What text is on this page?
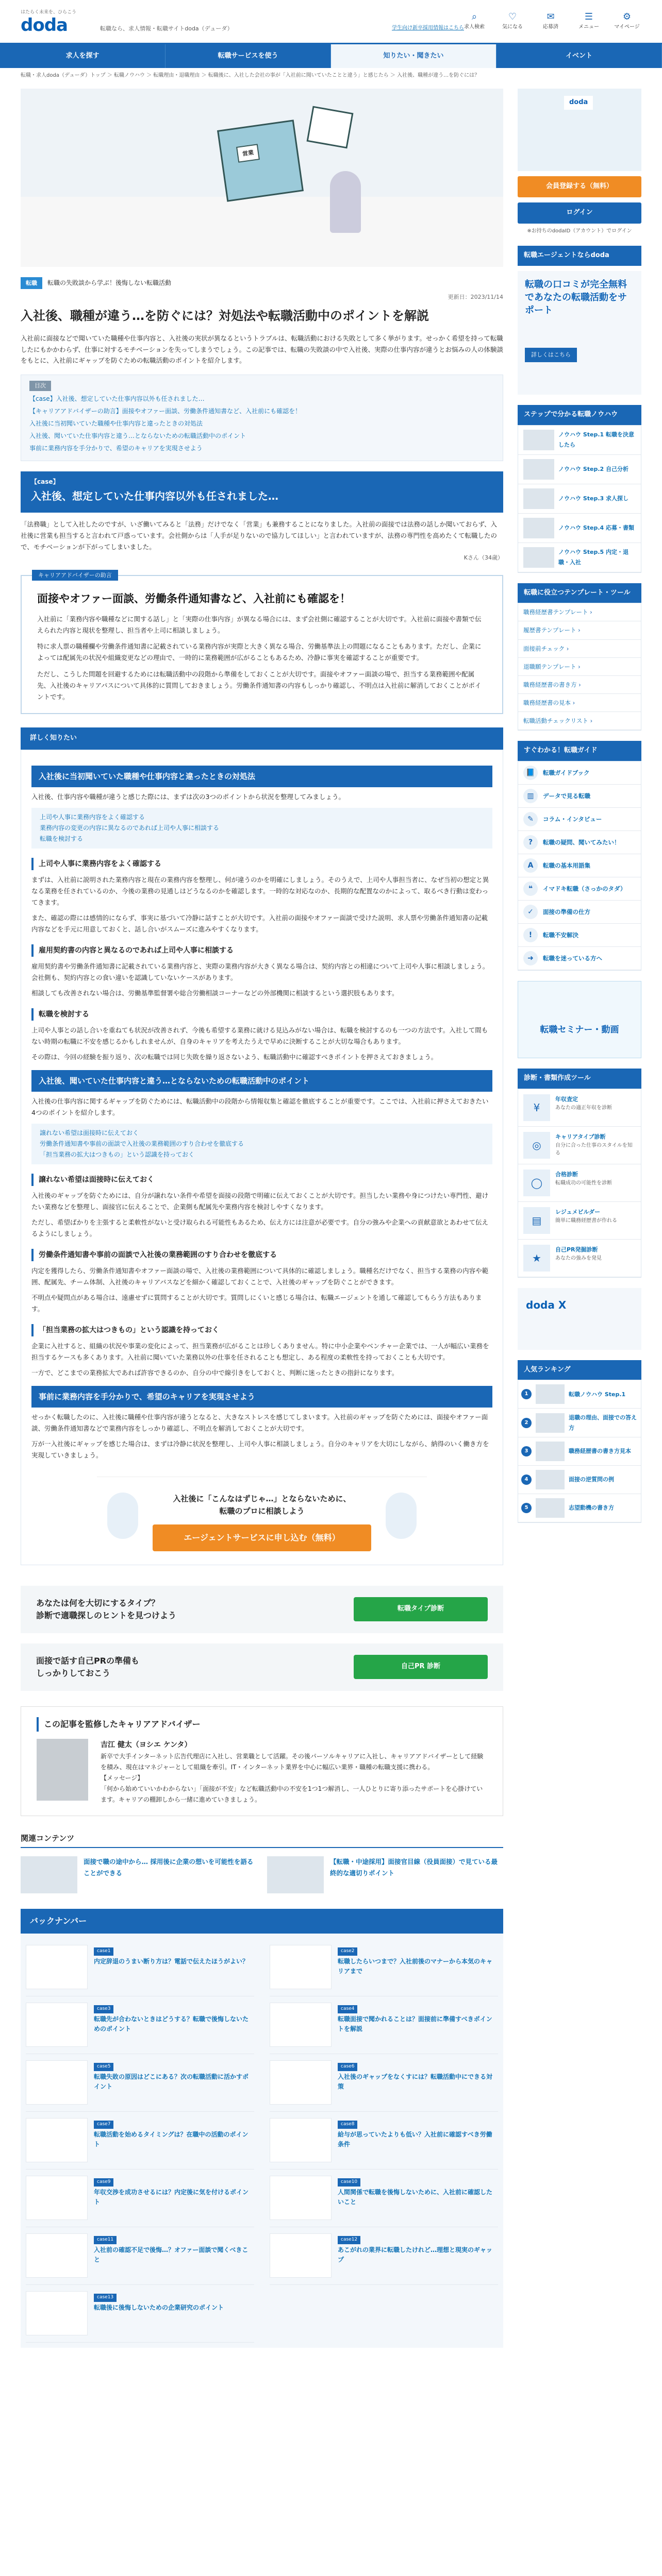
はたらく未来を、ひらこう
doda	転職なら、求人情報・転職サイトdoda（デューダ）	学生向け新卒採用情報はこちら
⌕
求人検索
♡
気になる
✉
応募済
☰
メニュー
⚙
マイページ
求人を探す	転職サービスを使う	知りたい・聞きたい	イベント
転職・求人doda（デューダ）トップ ＞ 転職ノウハウ ＞ 転職理由・退職理由 ＞ 転職後に、入社した会社の事が「入社前に聞いていたことと違う」と感じたら ＞ 入社後、職種が違う…を防ぐには？
営業
転職	転職の失敗談から学ぶ！後悔しない転職活動
更新日：2023/11/14
入社後、職種が違う…を防ぐには？対処法や転職活動中のポイントを解説

入社前に面接などで聞いていた職種や仕事内容と、入社後の実状が異なるというトラブルは、転職活動における失敗として多く挙がります。せっかく希望を持って転職したにもかかわらず、仕事に対するモチベーションを失ってしまうでしょう。この記事では、転職の失敗談の中で入社後、実際の仕事内容が違うとお悩みの人の体験談をもとに、入社前にギャップを防ぐための転職活動のポイントを紹介します。

目次
【case】入社後、想定していた仕事内容以外も任されました…
【キャリアアドバイザーの助言】面接やオファー面談、労働条件通知書など、入社前にも確認を！
入社後に当初聞いていた職種や仕事内容と違ったときの対処法
入社後、聞いていた仕事内容と違う…とならないための転職活動中のポイント
事前に業務内容を手分かりで、希望のキャリアを実現させよう
【case】
入社後、想定していた仕事内容以外も任されました…

「法務職」として入社したのですが、いざ働いてみると「法務」だけでなく「営業」も兼務することになりました。入社前の面接では法務の話しか聞いておらず、入社後に営業も担当すると言われて戸惑っています。会社側からは「人手が足りないので協力してほしい」と言われていますが、法務の専門性を高めたくて転職したので、モチベーションが下がってしまいました。

Kさん（34歳）

キャリアアドバイザーの助言
面接やオファー面談、労働条件通知書など、入社前にも確認を！

入社前に「業務内容や職種などに関する話し」と「実際の仕事内容」が異なる場合には、まず会社側に確認することが大切です。入社前に面接や書類で伝えられた内容と現状を整理し、担当者や上司に相談しましょう。

特に求人票の職種欄や労働条件通知書に記載されている業務内容が実際と大きく異なる場合、労働基準法上の問題になることもあります。ただし、企業によっては配属先の状況や組織変更などの理由で、一時的に業務範囲が広がることもあるため、冷静に事実を確認することが重要です。

ただし、こうした問題を回避するためには転職活動中の段階から準備をしておくことが大切です。面接やオファー面談の場で、担当する業務範囲や配属先、入社後のキャリアパスについて具体的に質問しておきましょう。労働条件通知書の内容もしっかり確認し、不明点は入社前に解消しておくことがポイントです。

詳しく知りたい
入社後に当初聞いていた職種や仕事内容と違ったときの対処法

入社後、仕事内容や職種が違うと感じた際には、まずは次の3つのポイントから状況を整理してみましょう。

上司や人事に業務内容をよく確認する
業務内容の変更の内容に異なるのであれば上司や人事に相談する
転職を検討する
上司や人事に業務内容をよく確認する

まずは、入社前に説明された業務内容と現在の業務内容を整理し、何が違うのかを明確にしましょう。そのうえで、上司や人事担当者に、なぜ当初の想定と異なる業務を任されているのか、今後の業務の見通しはどうなるのかを確認します。一時的な対応なのか、長期的な配置なのかによって、取るべき行動は変わってきます。

また、確認の際には感情的にならず、事実に基づいて冷静に話すことが大切です。入社前の面接やオファー面談で受けた説明、求人票や労働条件通知書の記載内容などを手元に用意しておくと、話し合いがスムーズに進みやすくなります。

雇用契約書の内容と異なるのであれば上司や人事に相談する

雇用契約書や労働条件通知書に記載されている業務内容と、実際の業務内容が大きく異なる場合は、契約内容との相違について上司や人事に相談しましょう。会社側も、契約内容との食い違いを認識していないケースがあります。

相談しても改善されない場合は、労働基準監督署や総合労働相談コーナーなどの外部機関に相談するという選択肢もあります。

転職を検討する

上司や人事との話し合いを重ねても状況が改善されず、今後も希望する業務に就ける見込みがない場合は、転職を検討するのも一つの方法です。入社して間もない時期の転職に不安を感じるかもしれませんが、自身のキャリアを考えたうえで早めに決断することが大切な場合もあります。

その際は、今回の経験を振り返り、次の転職では同じ失敗を繰り返さないよう、転職活動中に確認すべきポイントを押さえておきましょう。

入社後、聞いていた仕事内容と違う…とならないための転職活動中のポイント

入社後の仕事内容に関するギャップを防ぐためには、転職活動中の段階から情報収集と確認を徹底することが重要です。ここでは、入社前に押さえておきたい4つのポイントを紹介します。

譲れない希望は面接時に伝えておく
労働条件通知書や事前の面談で入社後の業務範囲のすり合わせを徹底する
「担当業務の拡大はつきもの」という認識を持っておく
譲れない希望は面接時に伝えておく

入社後のギャップを防ぐためには、自分が譲れない条件や希望を面接の段階で明確に伝えておくことが大切です。担当したい業務や身につけたい専門性、避けたい業務などを整理し、面接官に伝えることで、企業側も配属先や業務内容を検討しやすくなります。

ただし、希望ばかりを主張すると柔軟性がないと受け取られる可能性もあるため、伝え方には注意が必要です。自分の強みや企業への貢献意欲とあわせて伝えるようにしましょう。

労働条件通知書や事前の面談で入社後の業務範囲のすり合わせを徹底する

内定を獲得したら、労働条件通知書やオファー面談の場で、入社後の業務範囲について具体的に確認しましょう。職種名だけでなく、担当する業務の内容や範囲、配属先、チーム体制、入社後のキャリアパスなどを細かく確認しておくことで、入社後のギャップを防ぐことができます。

不明点や疑問点がある場合は、遠慮せずに質問することが大切です。質問しにくいと感じる場合は、転職エージェントを通して確認してもらう方法もあります。

「担当業務の拡大はつきもの」という認識を持っておく

企業に入社すると、組織の状況や事業の変化によって、担当業務が広がることは珍しくありません。特に中小企業やベンチャー企業では、一人が幅広い業務を担当するケースも多くあります。入社前に聞いていた業務以外の仕事を任されることも想定し、ある程度の柔軟性を持っておくことも大切です。

一方で、どこまでの業務拡大であれば許容できるのか、自分の中で線引きをしておくと、判断に迷ったときの指針になります。

事前に業務内容を手分かりで、希望のキャリアを実現させよう

せっかく転職したのに、入社後に職種や仕事内容が違うとなると、大きなストレスを感じてしまいます。入社前のギャップを防ぐためには、面接やオファー面談、労働条件通知書などで業務内容をしっかり確認し、不明点を解消しておくことが大切です。

万が一入社後にギャップを感じた場合は、まずは冷静に状況を整理し、上司や人事に相談しましょう。自分のキャリアを大切にしながら、納得のいく働き方を実現していきましょう。

入社後に「こんなはずじゃ…」とならないために、
転職のプロに相談しよう
エージェントサービスに申し込む（無料）
あなたは何を大切にするタイプ？
診断で適職探しのヒントを見つけよう
転職タイプ診断
面接で話す自己PRの準備も
しっかりしておこう
自己PR 診断
この記事を監修したキャリアアドバイザー
吉江 健太（ヨシエ ケンタ）

新卒で大手インターネット広告代理店に入社し、営業職として活躍。その後パーソルキャリアに入社し、キャリアアドバイザーとして経験を積み、現在はマネジャーとして組織を牽引。IT・インターネット業界を中心に幅広い業界・職種の転職支援に携わる。

【メッセージ】

「何から始めていいかわからない」「面接が不安」など転職活動中の不安を1つ1つ解消し、一人ひとりに寄り添ったサポートを心掛けています。キャリアの棚卸しから一緒に進めていきましょう。

関連コンテンツ
面接で職の途中から… 採用後に企業の想いを可能性を語ることができる
【転職・中途採用】面接官目線（役員面接）で見ている最終的な適切りポイント
バックナンバー
case1
内定辞退のうまい断り方は？電話で伝えたほうがよい？
case2
転職したらいつまで？入社前後のマナーから本気のキャリアまで
case3
転職先が合わないときはどうする？転職で後悔しないためのポイント
case4
転職面接で聞かれることは？面接前に準備すべきポイントを解説
case5
転職失敗の原因はどこにある？次の転職活動に活かすポイント
case6
入社後のギャップをなくすには？転職活動中にできる対策
case7
転職活動を始めるタイミングは？在職中の活動のポイント
case8
給与が思っていたよりも低い？入社前に確認すべき労働条件
case9
年収交渉を成功させるには？内定後に気を付けるポイント
case10
人間関係で転職を後悔しないために、入社前に確認したいこと
case11
入社前の確認不足で後悔…？オファー面談で聞くべきこと
case12
あこがれの業界に転職したけれど…理想と現実のギャップ
case13
転職後に後悔しないための企業研究のポイント
doda
会員登録する（無料）
ログイン
※お持ちのdodaID（アカウント）でログイン
転職エージェントならdoda
転職の口コミが完全無料であなたの転職活動をサポート
詳しくはこちら
ステップで分かる転職ノウハウ
ノウハウ Step.1 転職を決意したら
ノウハウ Step.2 自己分析
ノウハウ Step.3 求人探し
ノウハウ Step.4 応募・書類
ノウハウ Step.5 内定・退職・入社
転職に役立つテンプレート・ツール
職務経歴書テンプレート ›
履歴書テンプレート ›
面接前チェック ›
退職願テンプレート ›
職務経歴書の書き方 ›
職務経歴書の見本 ›
転職活動チェックリスト ›
すぐわかる！転職ガイド
📘	転職ガイドブック
▥	データで見る転職
✎	コラム・インタビュー
?	転職の疑問、聞いてみたい！
A	転職の基本用語集
❝	イマドキ転職（さっかのタダ）
✓	面接の準備の仕方
!	転職不安解決
➜	転職を迷っている方へ
転職セミナー・動画
診断・書類作成ツール
¥
年収査定
あなたの適正年収を診断
◎
キャリアタイプ診断
自分に合った仕事のスタイルを知る
◯
合格診断
転職成功の可能性を診断
▤
レジュメビルダー
簡単に職務経歴書が作れる
★
自己PR発掘診断
あなたの強みを発見
doda X
人気ランキング
1	転職ノウハウ Step.1
2
退職の理由、面接での答え方
3	職務経歴書の書き方見本
4	面接の逆質問の例
5	志望動機の書き方
